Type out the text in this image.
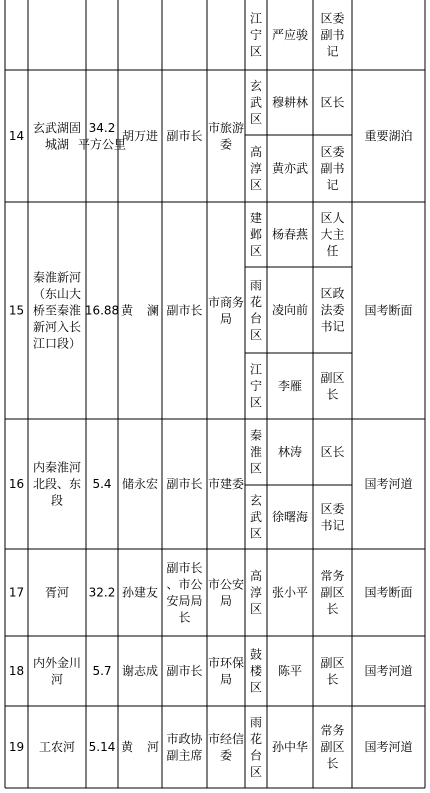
江宁区
严应骏
区委副书记
14
玄武湖固城湖
34.2 平方公里
胡万进 副市长
市旅游委
玄武区
穆耕林 区长
高淳区
黄亦武
区委副书记
重要湖泊
15
秦淮新河（东山大桥至秦淮新河入长江口段）
16.88 黄 澜 副市长
市商务局
建邺区
杨春燕
区人大主任
雨花台区
凌向前
区政法委书记
江宁区
李雁
副区长
国考断面
16
内秦淮河北段、东段
5.4 储永宏 副市长 市建委
秦淮区
林涛 区长
玄武区
徐曙海
区委书记
国考河道
17 胥河 32.2 孙建友
副市长、市公安局局长
市公安局
高淳区
张小平
常务副区长
国考断面
18
内外金川河
5.7 谢志成 副市长
市环保局
鼓楼区
陈平
副区长
国考河道
19 工农河 5.14 黄 河
市政协副主席
市经信委
雨花台区
孙中华
常务副区长
国考河道
